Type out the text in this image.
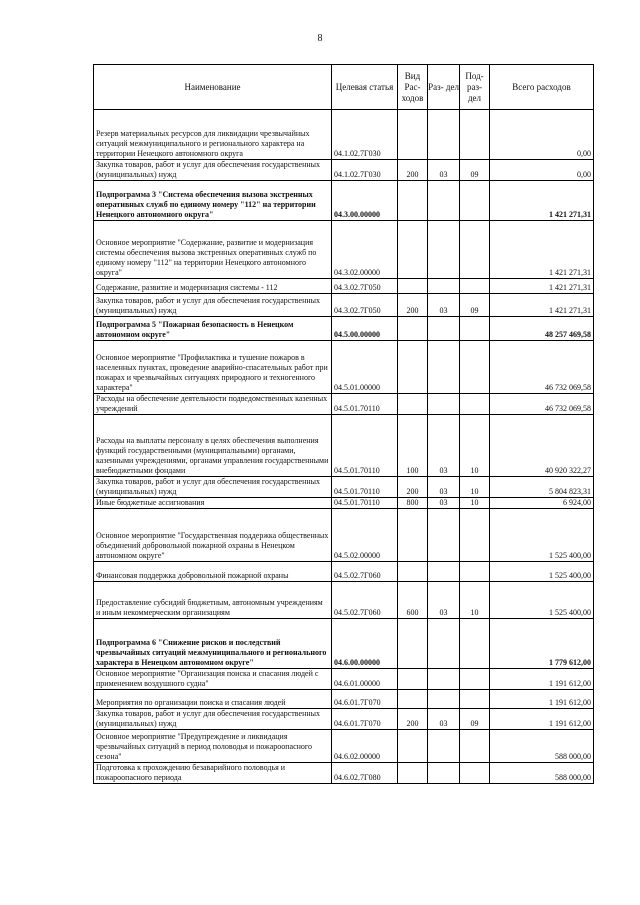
8
Наименование	Целевая статья	Вид Рас- ходов	Раз- дел	Под- раз- дел	Всего расходов
Резерв материальных ресурсов для ликвидации чрезвычайных ситуаций межмуниципального и регионального характера на территории Ненецкого автономного округа	04.1.02.7Г030				0,00
Закупка товаров, работ и услуг для обеспечения государственных (муниципальных) нужд	04.1.02.7Г030	200	03	09	0,00
Подпрограмма 3 "Система обеспечения вызова экстренных оперативных служб по единому номеру "112" на территории Ненецкого автономного округа"	04.3.00.00000				1 421 271,31
Основное мероприятие "Содержание, развитие и модернизация системы обеспечения вызова экстренных оперативных служб по единому номеру "112" на территории Ненецкого автономного округа"	04.3.02.00000				1 421 271,31
Содержание, развитие и модернизация системы - 112	04.3.02.7Г050				1 421 271,31
Закупка товаров, работ и услуг для обеспечения государственных (муниципальных) нужд	04.3.02.7Г050	200	03	09	1 421 271,31
Подпрограмма 5 "Пожарная безопасность в Ненецком автономном округе"	04.5.00.00000				48 257 469,58
Основное мероприятие "Профилактика и тушение пожаров в населенных пунктах, проведение аварийно-спасательных работ при пожарах и чрезвычайных ситуациях природного и техногенного характера"	04.5.01.00000				46 732 069,58
Расходы на обеспечение деятельности подведомственных казенных учреждений	04.5.01.70110				46 732 069,58
Расходы на выплаты персоналу в целях обеспечения выполнения функций государственными (муниципальными) органами, казенными учреждениями, органами управления государственными внебюджетными фондами	04.5.01.70110	100	03	10	40 920 322,27
Закупка товаров, работ и услуг для обеспечения государственных (муниципальных) нужд	04.5.01.70110	200	03	10	5 804 823,31
Иные бюджетные ассигнования	04.5.01.70110	800	03	10	6 924,00
Основное мероприятие "Государственная поддержка общественных объединений добровольной пожарной охраны в Ненецком автономном округе"	04.5.02.00000				1 525 400,00
Финансовая поддержка добровольной пожарной охраны	04.5.02.7Г060				1 525 400,00
Предоставление субсидий бюджетным, автономным учреждениям и иным некоммерческим организациям	04.5.02.7Г060	600	03	10	1 525 400,00
Подпрограмма 6 "Снижение рисков и последствий чрезвычайных ситуаций межмуниципального и регионального характера в Ненецком автономном округе"	04.6.00.00000				1 779 612,00
Основное мероприятие "Организация поиска и спасания людей с применением воздушного судна"	04.6.01.00000				1 191 612,00
Мероприятия по организации поиска и спасания людей	04.6.01.7Г070				1 191 612,00
Закупка товаров, работ и услуг для обеспечения государственных (муниципальных) нужд	04.6.01.7Г070	200	03	09	1 191 612,00
Основное мероприятие "Предупреждение и ликвидация чрезвычайных ситуаций в период половодья и пожароопасного сезона"	04.6.02.00000				588 000,00
Подготовка к прохождению безаварийного половодья и пожароопасного периода	04.6.02.7Г080				588 000,00
